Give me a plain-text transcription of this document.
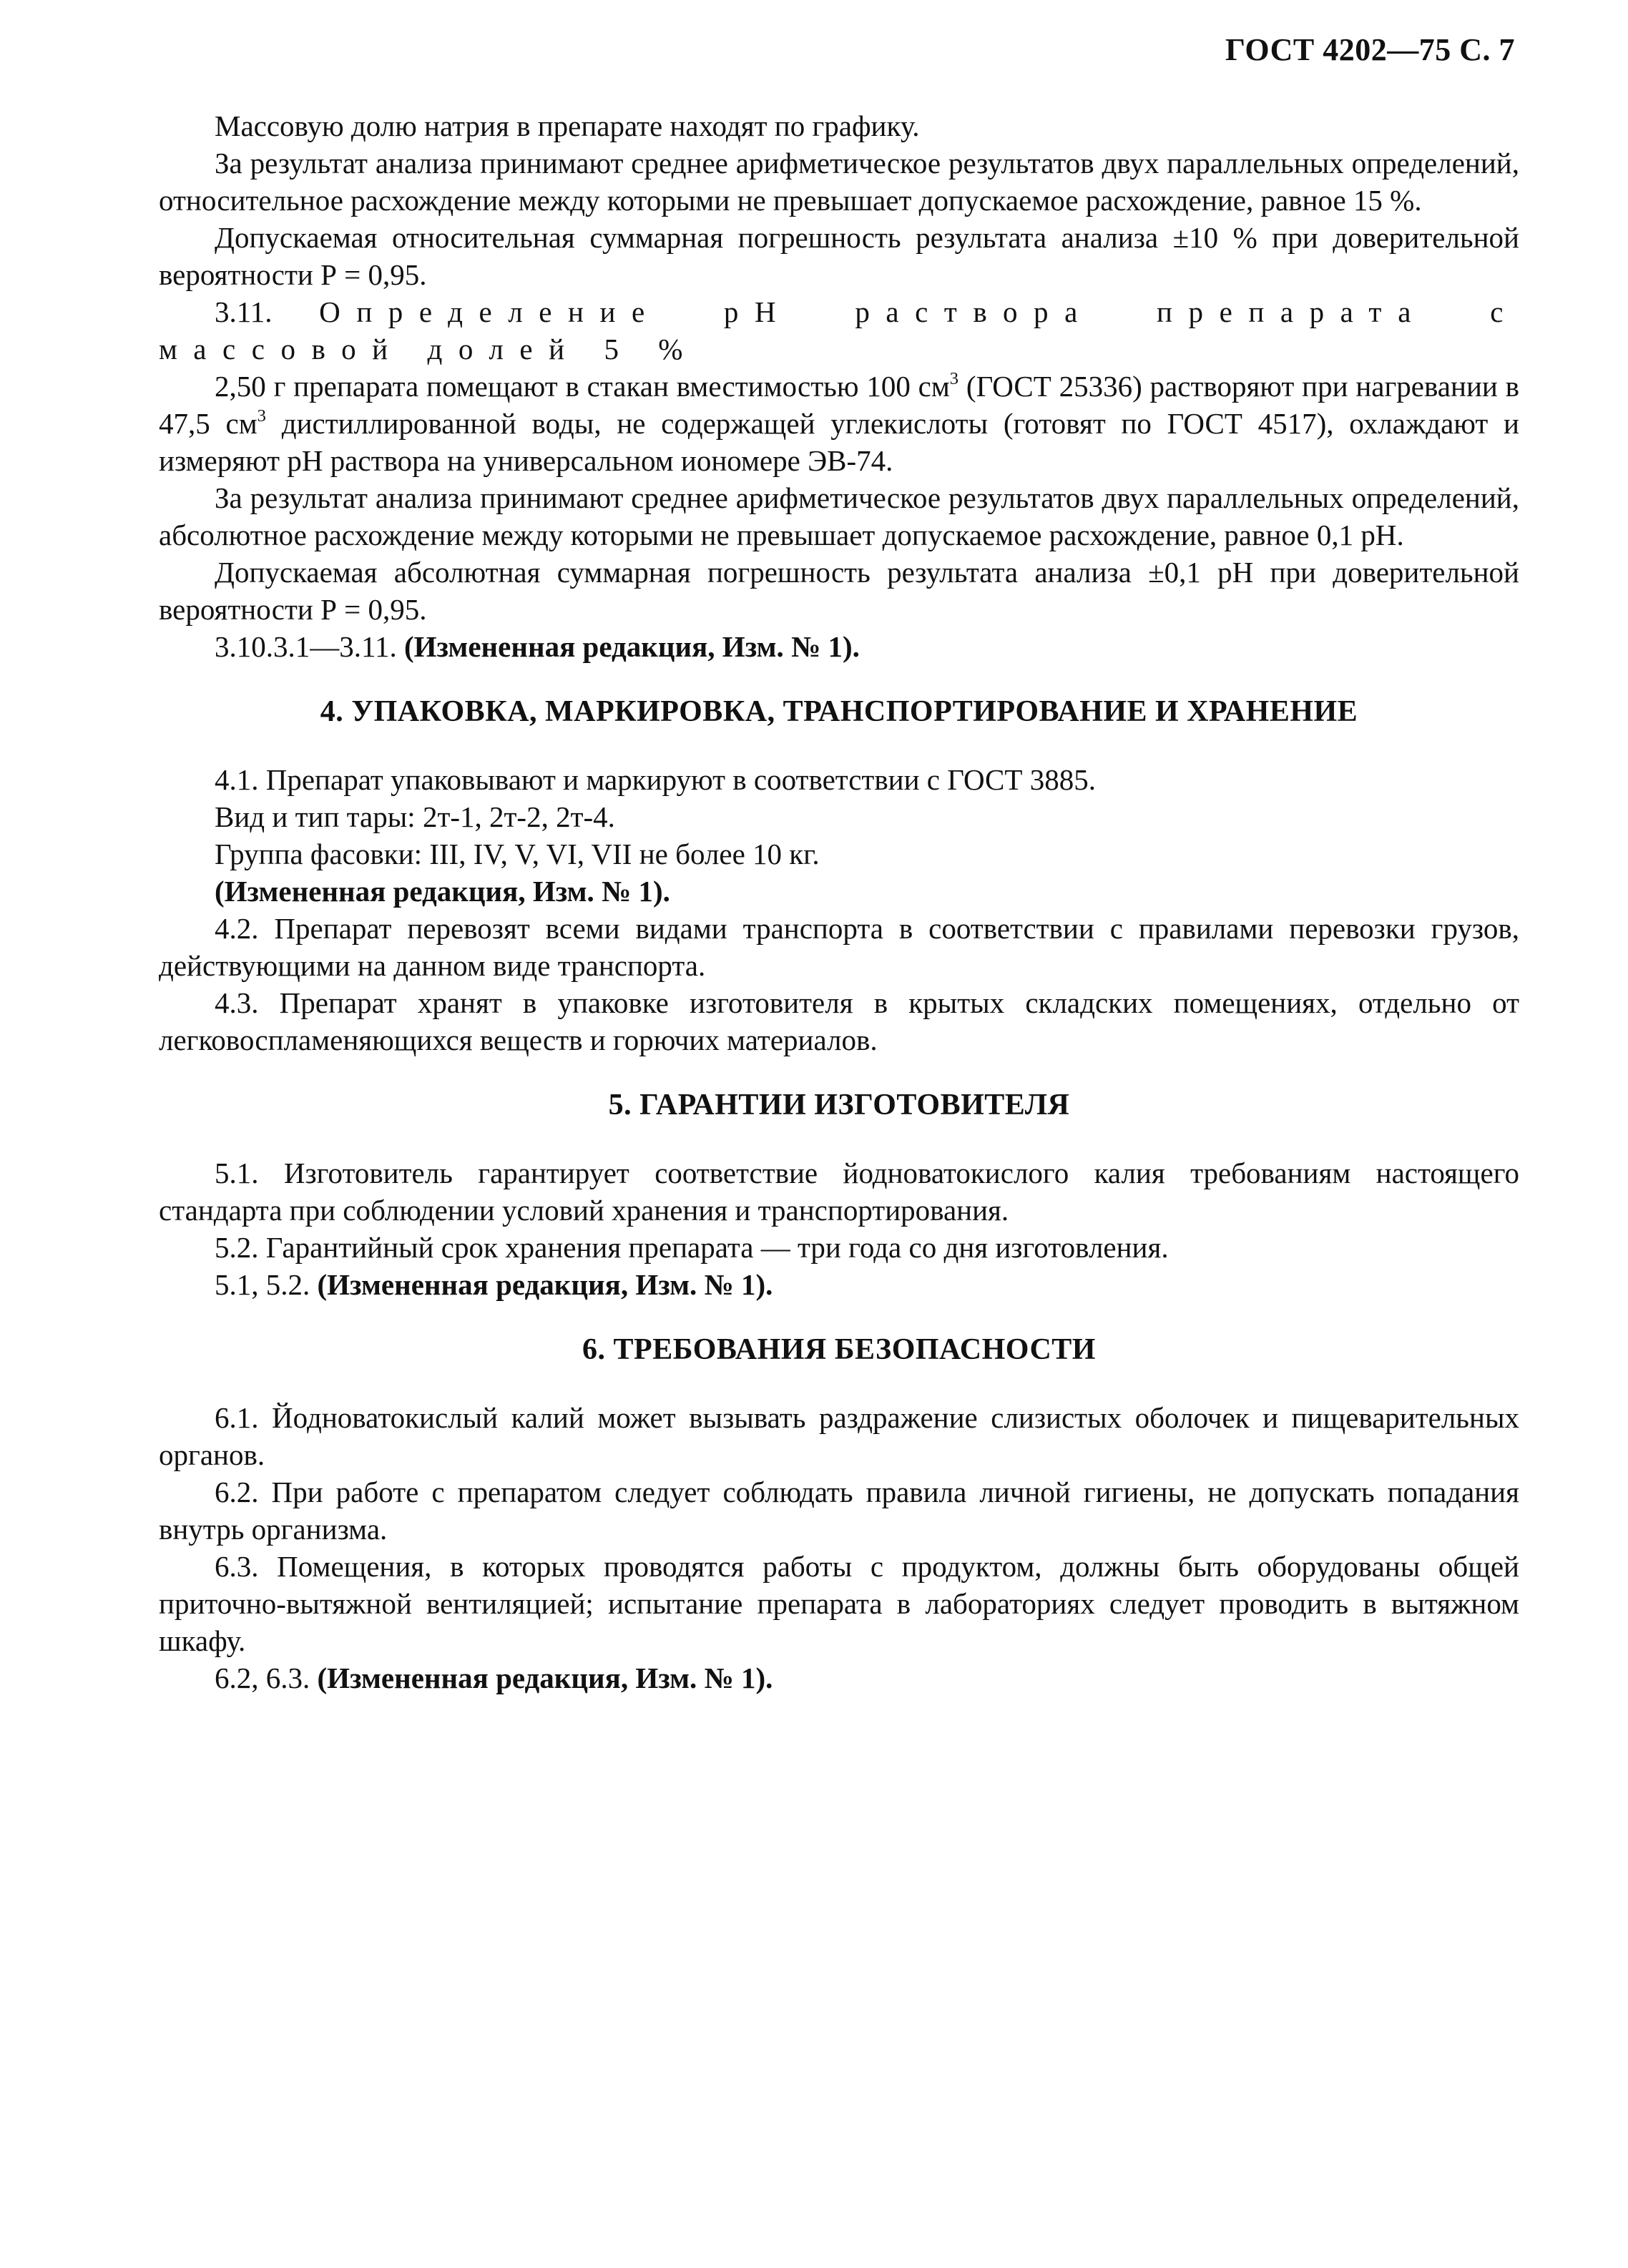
ГОСТ 4202—75 С. 7

Массовую долю натрия в препарате находят по графику.

За результат анализа принимают среднее арифметическое результатов двух параллельных определений, относительное расхождение между которыми не превышает допускаемое расхождение, равное 15 %.

Допускаемая относительная суммарная погрешность результата анализа ±10 % при доверительной вероятности Р = 0,95.

3.11. Определение рН раствора препарата с массовой долей 5 %

2,50 г препарата помещают в стакан вместимостью 100 $см^3$ (ГОСТ 25336) растворяют при нагревании в 47,5 $см^3$ дистиллированной воды, не содержащей углекислоты (готовят по ГОСТ 4517), охлаждают и измеряют рН раствора на универсальном иономере ЭВ-74.

За результат анализа принимают среднее арифметическое результатов двух параллельных определений, абсолютное расхождение между которыми не превышает допускаемое расхождение, равное 0,1 рН.

Допускаемая абсолютная суммарная погрешность результата анализа ±0,1 рН при доверительной вероятности Р = 0,95.

3.10.3.1—3.11. (Измененная редакция, Изм. № 1).

4. УПАКОВКА, МАРКИРОВКА, ТРАНСПОРТИРОВАНИЕ И ХРАНЕНИЕ

4.1. Препарат упаковывают и маркируют в соответствии с ГОСТ 3885.

Вид и тип тары: 2т-1, 2т-2, 2т-4.

Группа фасовки: III, IV, V, VI, VII не более 10 кг.

(Измененная редакция, Изм. № 1).

4.2. Препарат перевозят всеми видами транспорта в соответствии с правилами перевозки грузов, действующими на данном виде транспорта.

4.3. Препарат хранят в упаковке изготовителя в крытых складских помещениях, отдельно от легковоспламеняющихся веществ и горючих материалов.

5. ГАРАНТИИ ИЗГОТОВИТЕЛЯ

5.1. Изготовитель гарантирует соответствие йодноватокислого калия требованиям настоящего стандарта при соблюдении условий хранения и транспортирования.

5.2. Гарантийный срок хранения препарата — три года со дня изготовления.

5.1, 5.2. (Измененная редакция, Изм. № 1).

6. ТРЕБОВАНИЯ БЕЗОПАСНОСТИ

6.1. Йодноватокислый калий может вызывать раздражение слизистых оболочек и пищеварительных органов.

6.2. При работе с препаратом следует соблюдать правила личной гигиены, не допускать попадания внутрь организма.

6.3. Помещения, в которых проводятся работы с продуктом, должны быть оборудованы общей приточно-вытяжной вентиляцией; испытание препарата в лабораториях следует проводить в вытяжном шкафу.

6.2, 6.3. (Измененная редакция, Изм. № 1).
